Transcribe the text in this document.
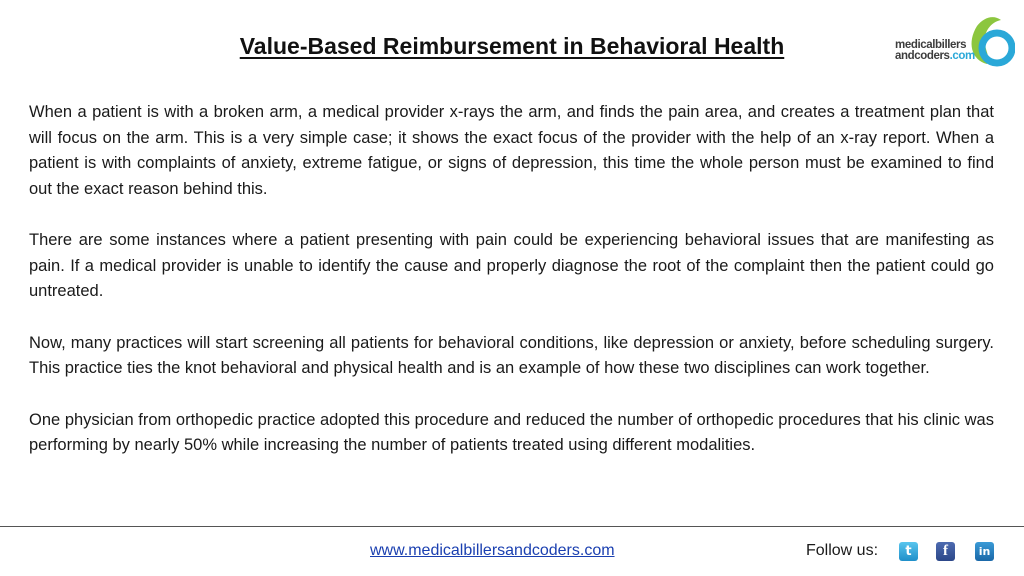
Value-Based Reimbursement in Behavioral Health	medicalbillers
andcoders.com

When a patient is with a broken arm, a medical provider x-rays the arm, and finds the pain area, and creates a treatment plan that will focus on the arm. This is a very simple case; it shows the exact focus of the provider with the help of an x-ray report. When a patient is with complaints of anxiety, extreme fatigue, or signs of depression, this time the whole person must be examined to find out the exact reason behind this.

There are some instances where a patient presenting with pain could be experiencing behavioral issues that are manifesting as pain. If a medical provider is unable to identify the cause and properly diagnose the root of the complaint then the patient could go untreated.

Now, many practices will start screening all patients for behavioral conditions, like depression or anxiety, before scheduling surgery. This practice ties the knot behavioral and physical health and is an example of how these two disciplines can work together.

One physician from orthopedic practice adopted this procedure and reduced the number of orthopedic procedures that his clinic was performing by nearly 50% while increasing the number of patients treated using different modalities.

www.medicalbillersandcoders.com	Follow us:	t	f	in
